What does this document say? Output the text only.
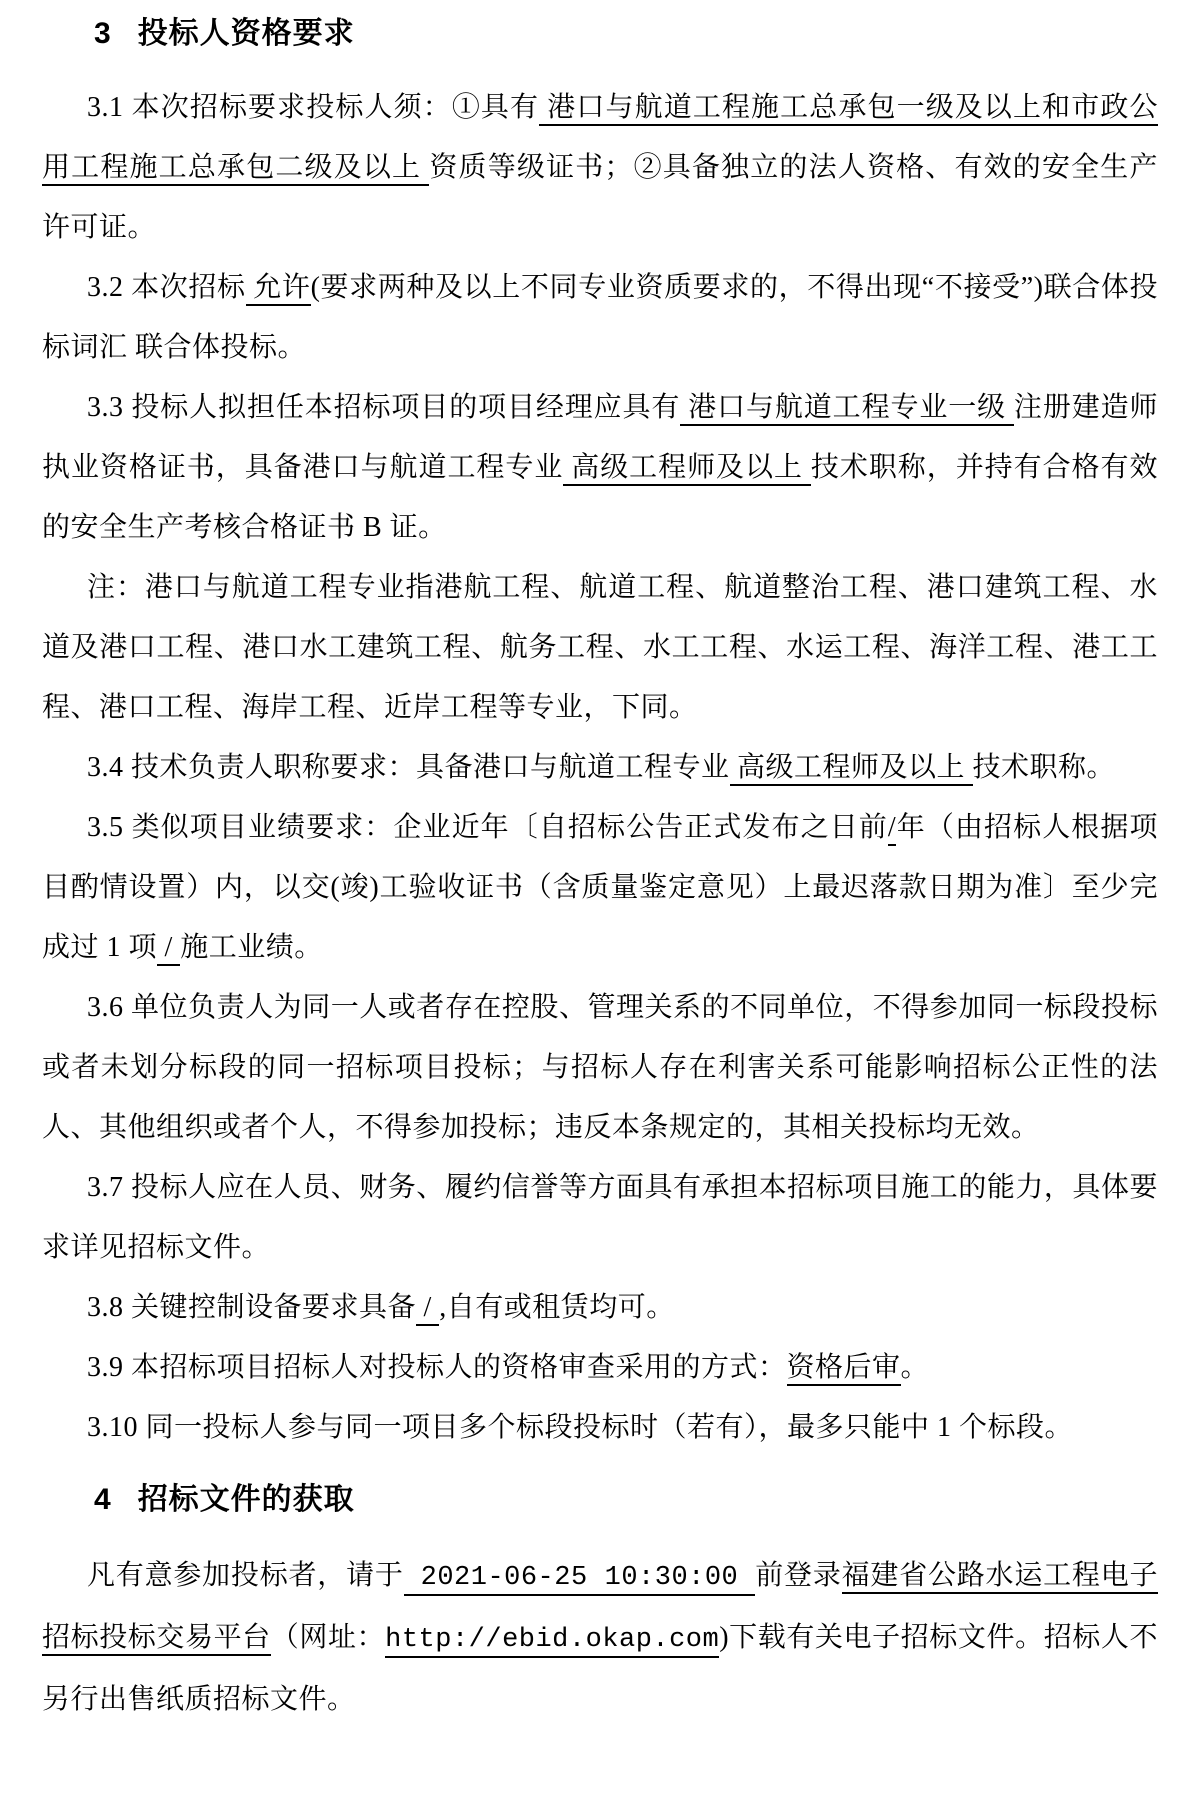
3 投标人资格要求

3.1 本次招标要求投标人须：①具有 港口与航道工程施工总承包一级及以上和市政公用工程施工总承包二级及以上 资质等级证书；②具备独立的法人资格、有效的安全生产许可证。

3.2 本次招标 允许(要求两种及以上不同专业资质要求的，不得出现“不接受”)联合体投标词汇 联合体投标。

3.3 投标人拟担任本招标项目的项目经理应具有 港口与航道工程专业一级 注册建造师执业资格证书，具备港口与航道工程专业 高级工程师及以上 技术职称，并持有合格有效的安全生产考核合格证书 B 证。

注：港口与航道工程专业指港航工程、航道工程、航道整治工程、港口建筑工程、水道及港口工程、港口水工建筑工程、航务工程、水工工程、水运工程、海洋工程、港工工程、港口工程、海岸工程、近岸工程等专业，下同。

3.4 技术负责人职称要求：具备港口与航道工程专业 高级工程师及以上 技术职称。

3.5 类似项目业绩要求：企业近年〔自招标公告正式发布之日前/年（由招标人根据项目酌情设置）内，以交(竣)工验收证书（含质量鉴定意见）上最迟落款日期为准〕至少完成过 1 项 / 施工业绩。

3.6 单位负责人为同一人或者存在控股、管理关系的不同单位，不得参加同一标段投标或者未划分标段的同一招标项目投标；与招标人存在利害关系可能影响招标公正性的法人、其他组织或者个人，不得参加投标；违反本条规定的，其相关投标均无效。

3.7 投标人应在人员、财务、履约信誉等方面具有承担本招标项目施工的能力，具体要求详见招标文件。

3.8 关键控制设备要求具备 / ,自有或租赁均可。

3.9 本招标项目招标人对投标人的资格审查采用的方式：资格后审。

3.10 同一投标人参与同一项目多个标段投标时（若有），最多只能中 1 个标段。

4 招标文件的获取

凡有意参加投标者，请于 2021-06-25 10:30:00 前登录福建省公路水运工程电子招标投标交易平台（网址：http://ebid.okap.com)下载有关电子招标文件。招标人不另行出售纸质招标文件。
